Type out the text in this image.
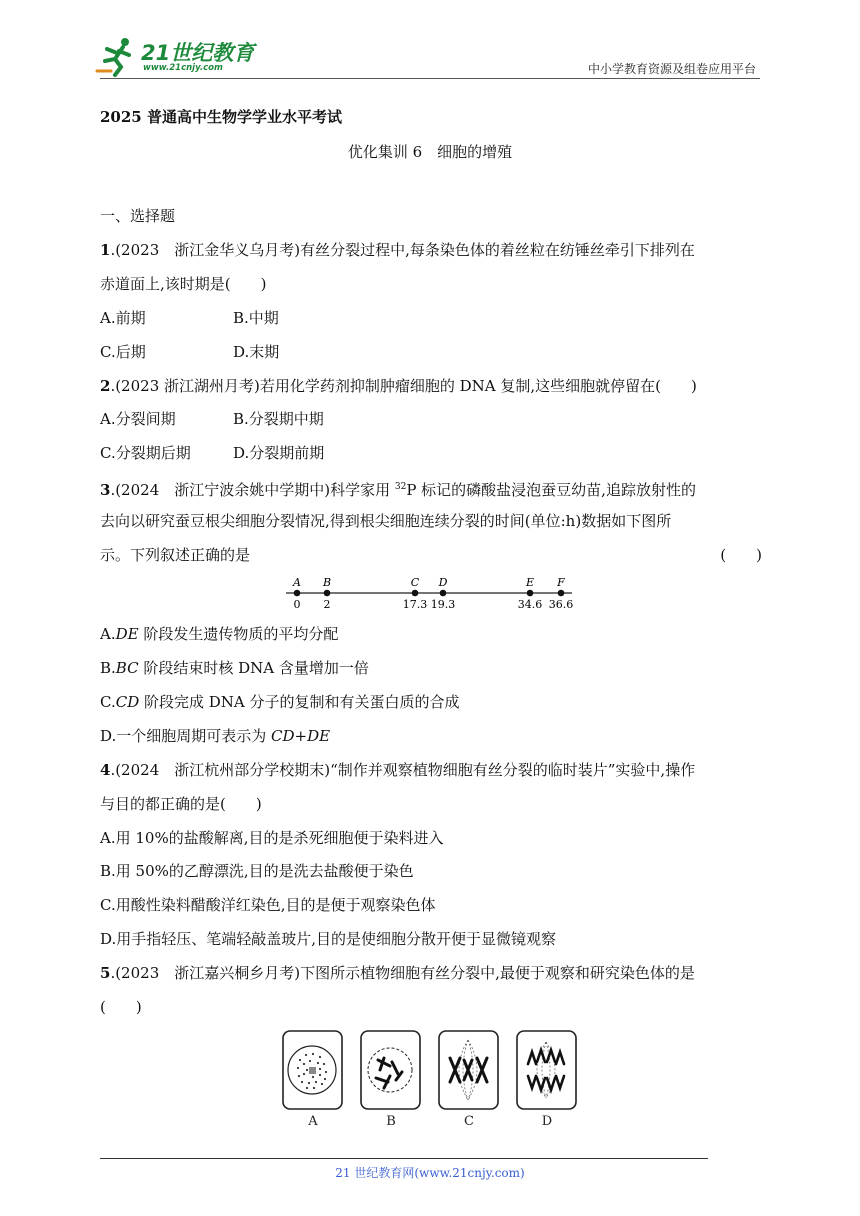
21世纪教育
www.21cnjy.com	中小学教育资源及组卷应用平台
2025 普通高中生物学学业水平考试
优化集训 6　细胞的增殖
一、选择题
1.(2023　浙江金华义乌月考)有丝分裂过程中,每条染色体的着丝粒在纺锤丝牵引下排列在
赤道面上,该时期是(　　)
A.前期	B.中期
C.后期	D.末期
2.(2023 浙江湖州月考)若用化学药剂抑制肿瘤细胞的 DNA 复制,这些细胞就停留在(　　)
A.分裂间期	B.分裂期中期
C.分裂期后期	D.分裂期前期
3.(2024　浙江宁波余姚中学期中)科学家用 $^{32}$P 标记的磷酸盐浸泡蚕豆幼苗,追踪放射性的
去向以研究蚕豆根尖细胞分裂情况,得到根尖细胞连续分裂的时间(单位:h)数据如下图所
示。下列叙述正确的是	(　　)
A
0
B
2
C
17.3
D
19.3
E
34.6
F
36.6
A.DE 阶段发生遗传物质的平均分配
B.BC 阶段结束时核 DNA 含量增加一倍
C.CD 阶段完成 DNA 分子的复制和有关蛋白质的合成
D.一个细胞周期可表示为 CD+DE
4.(2024　浙江杭州部分学校期末)“制作并观察植物细胞有丝分裂的临时装片”实验中,操作
与目的都正确的是(　　)
A.用 10%的盐酸解离,目的是杀死细胞便于染料进入
B.用 50%的乙醇漂洗,目的是洗去盐酸便于染色
C.用酸性染料醋酸洋红染色,目的是便于观察染色体
D.用手指轻压、笔端轻敲盖玻片,目的是使细胞分散开便于显微镜观察
5.(2023　浙江嘉兴桐乡月考)下图所示植物细胞有丝分裂中,最便于观察和研究染色体的是
(　　)
A	B	C	D
21 世纪教育网(www.21cnjy.com)
